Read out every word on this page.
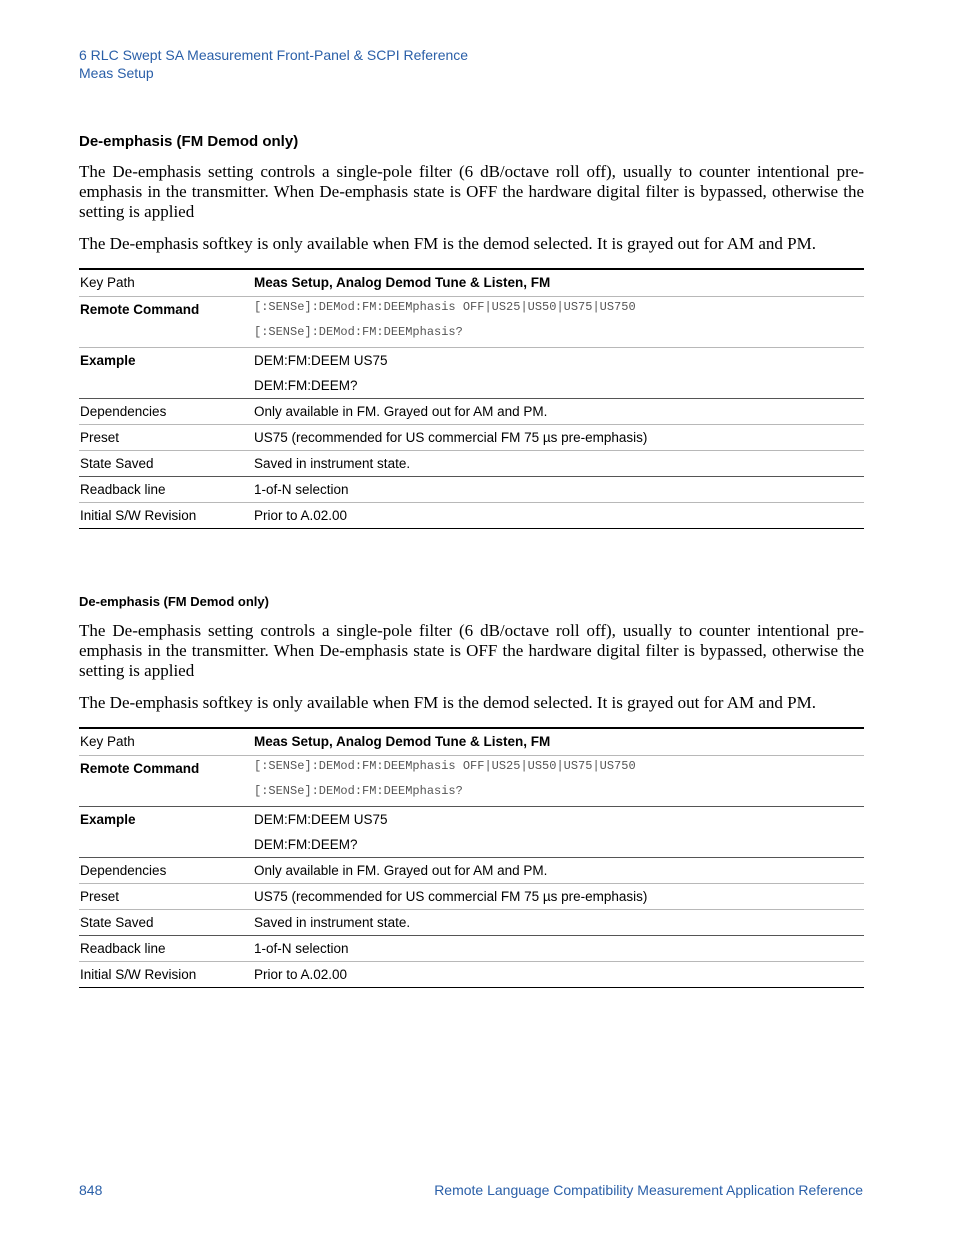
6 RLC Swept SA Measurement Front-Panel & SCPI Reference
Meas Setup
De-emphasis (FM Demod only)

The De-emphasis setting controls a single-pole filter (6 dB/octave roll off), usually to counter intentional pre-emphasis in the transmitter. When De-emphasis state is OFF the hardware digital filter is bypassed, otherwise the setting is applied

The De-emphasis softkey is only available when FM is the demod selected. It is grayed out for AM and PM.

Key Path	Meas Setup, Analog Demod Tune & Listen, FM

Remote Command	[:SENSe]:DEMod:FM:DEEMphasis OFF|US25|US50|US75|US750
[:SENSe]:DEMod:FM:DEEMphasis?

Example	DEM:FM:DEEM US75
DEM:FM:DEEM?

Dependencies	Only available in FM. Grayed out for AM and PM.

Preset	US75 (recommended for US commercial FM 75 µs pre-emphasis)

State Saved	Saved in instrument state.

Readback line	1-of-N selection

Initial S/W Revision	Prior to A.02.00
De-emphasis (FM Demod only)

The De-emphasis setting controls a single-pole filter (6 dB/octave roll off), usually to counter intentional pre-emphasis in the transmitter. When De-emphasis state is OFF the hardware digital filter is bypassed, otherwise the setting is applied

The De-emphasis softkey is only available when FM is the demod selected. It is grayed out for AM and PM.

Key Path	Meas Setup, Analog Demod Tune & Listen, FM

Remote Command	[:SENSe]:DEMod:FM:DEEMphasis OFF|US25|US50|US75|US750
[:SENSe]:DEMod:FM:DEEMphasis?

Example	DEM:FM:DEEM US75
DEM:FM:DEEM?

Dependencies	Only available in FM. Grayed out for AM and PM.

Preset	US75 (recommended for US commercial FM 75 µs pre-emphasis)

State Saved	Saved in instrument state.

Readback line	1-of-N selection

Initial S/W Revision	Prior to A.02.00
848	Remote Language Compatibility Measurement Application Reference
